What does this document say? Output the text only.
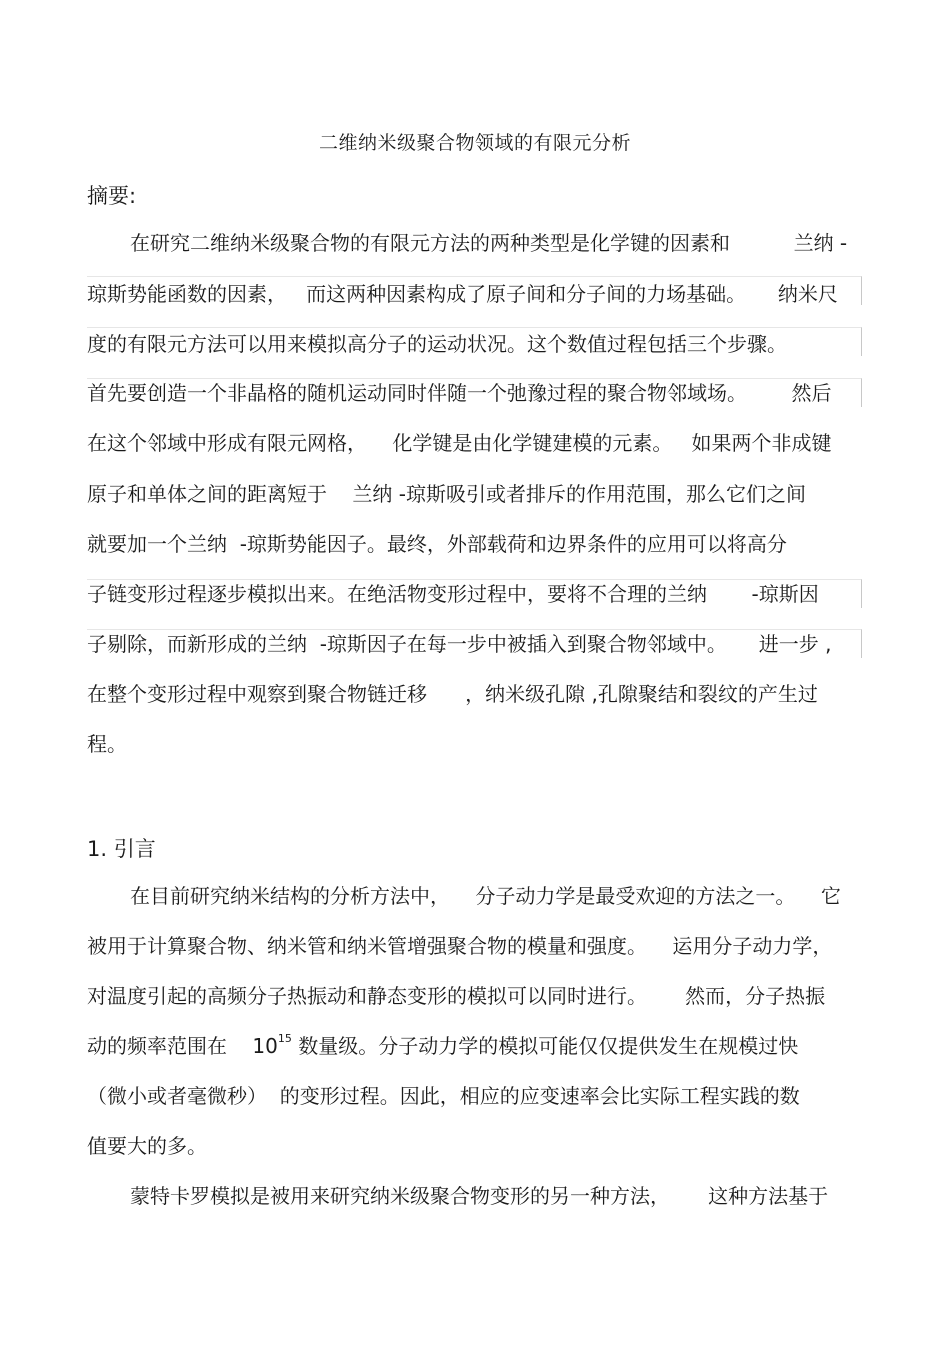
二维纳米级聚合物领域的有限元分析
摘要:
在研究二维纳米级聚合物的有限元方法的两种类型是化学键的因素和          兰纳 -
琼斯势能函数的因素，   而这两种因素构成了原子间和分子间的力场基础。     纳米尺
度的有限元方法可以用来模拟高分子的运动状况。这个数值过程包括三个步骤。
首先要创造一个非晶格的随机运动同时伴随一个弛豫过程的聚合物邻域场。       然后
在这个邻域中形成有限元网格，    化学键是由化学键建模的元素。   如果两个非成键
原子和单体之间的距离短于    兰纳 -琼斯吸引或者排斥的作用范围，那么它们之间
就要加一个兰纳  -琼斯势能因子。最终，外部载荷和边界条件的应用可以将高分
子链变形过程逐步模拟出来。在绝活物变形过程中，要将不合理的兰纳       -琼斯因
子剔除，而新形成的兰纳  -琼斯因子在每一步中被插入到聚合物邻域中。     进一步 ,
在整个变形过程中观察到聚合物链迁移      ，纳米级孔隙 ,孔隙聚结和裂纹的产生过
程。
1. 引言
在目前研究纳米结构的分析方法中，    分子动力学是最受欢迎的方法之一。    它
被用于计算聚合物、纳米管和纳米管增强聚合物的模量和强度。    运用分子动力学，
对温度引起的高频分子热振动和静态变形的模拟可以同时进行。      然而，分子热振
动的频率范围在    $10^{15}$ 数量级。分子动力学的模拟可能仅仅提供发生在规模过快
（微小或者毫微秒）  的变形过程。因此，相应的应变速率会比实际工程实践的数
值要大的多。
蒙特卡罗模拟是被用来研究纳米级聚合物变形的另一种方法，      这种方法基于
